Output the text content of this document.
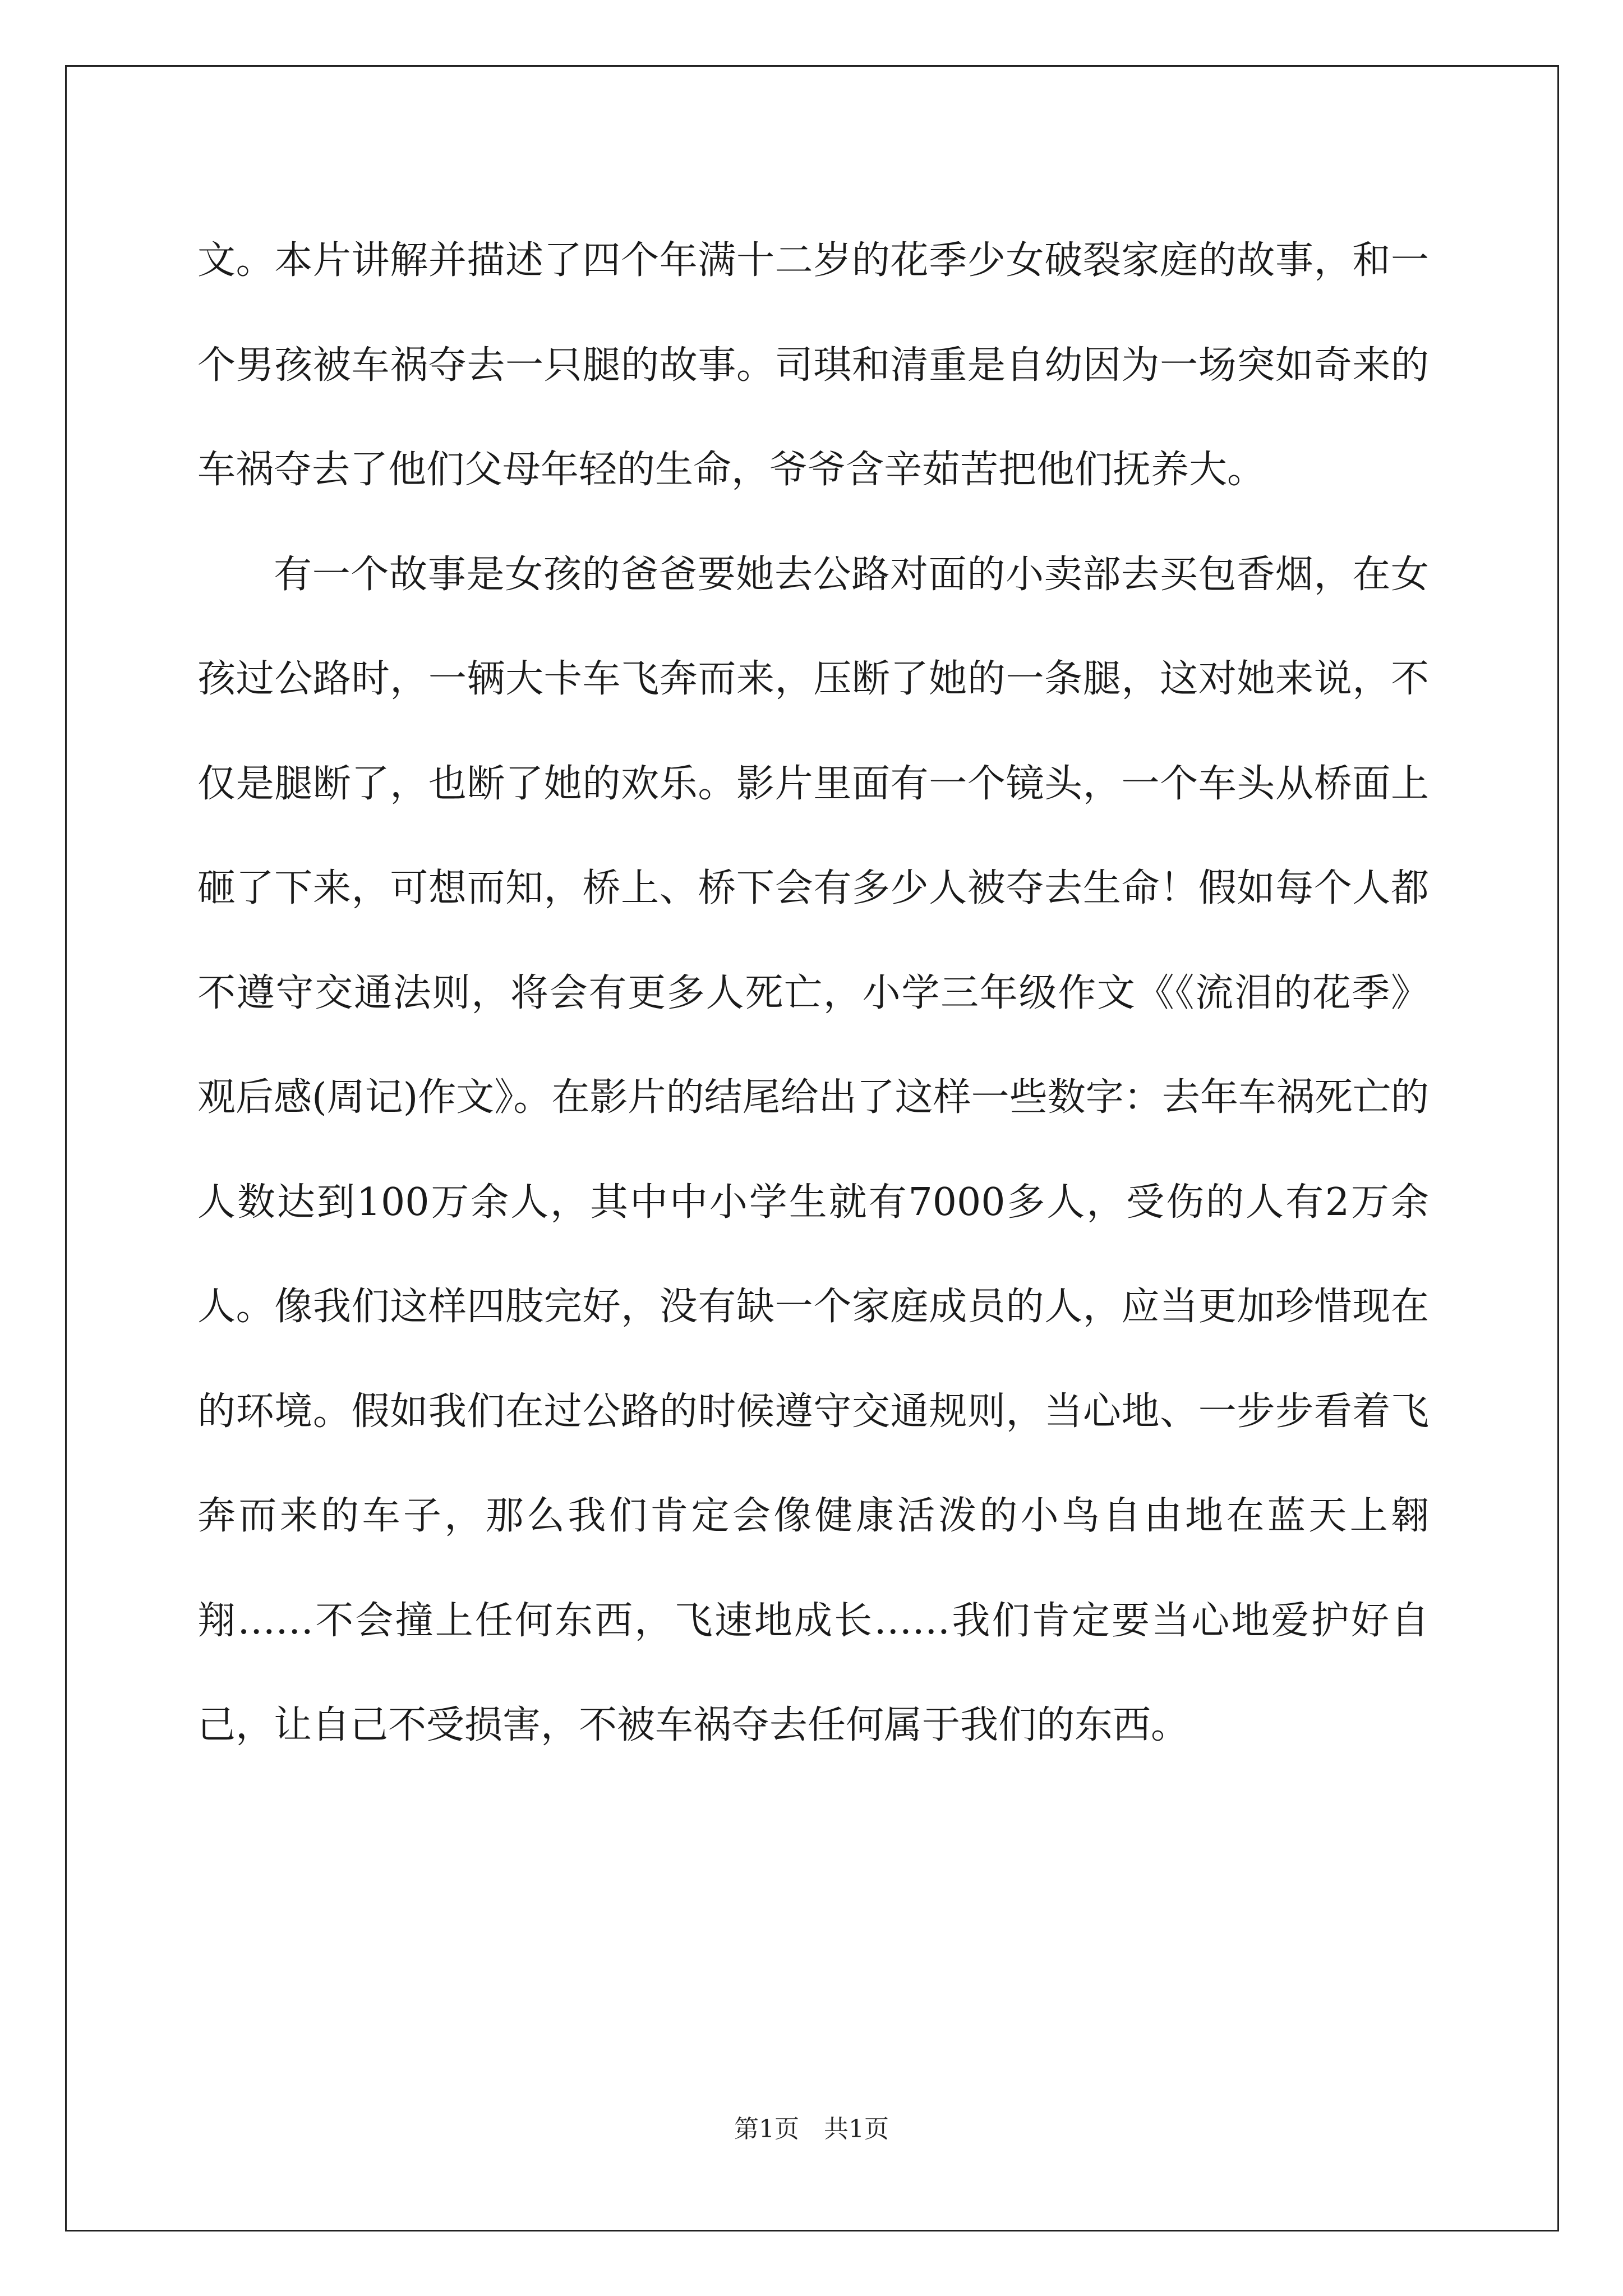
文。本片讲解并描述了四个年满十二岁的花季少女破裂家庭的故事，和一个男孩被车祸夺去一只腿的故事。司琪和清重是自幼因为一场突如奇来的车祸夺去了他们父母年轻的生命，爷爷含辛茹苦把他们抚养大。

有一个故事是女孩的爸爸要她去公路对面的小卖部去买包香烟，在女孩过公路时，一辆大卡车飞奔而来，压断了她的一条腿，这对她来说，不仅是腿断了，也断了她的欢乐。影片里面有一个镜头，一个车头从桥面上砸了下来，可想而知，桥上、桥下会有多少人被夺去生命！假如每个人都不遵守交通法则，将会有更多人死亡，小学三年级作文《《流泪的花季》观后感(周记)作文》。在影片的结尾给出了这样一些数字：去年车祸死亡的人数达到100万余人，其中中小学生就有7000多人，受伤的人有2万余人。像我们这样四肢完好，没有缺一个家庭成员的人，应当更加珍惜现在的环境。假如我们在过公路的时候遵守交通规则，当心地、一步步看着飞奔而来的车子，那么我们肯定会像健康活泼的小鸟自由地在蓝天上翱翔……不会撞上任何东西，飞速地成长……我们肯定要当心地爱护好自己，让自己不受损害，不被车祸夺去任何属于我们的东西。

第1页 共1页
